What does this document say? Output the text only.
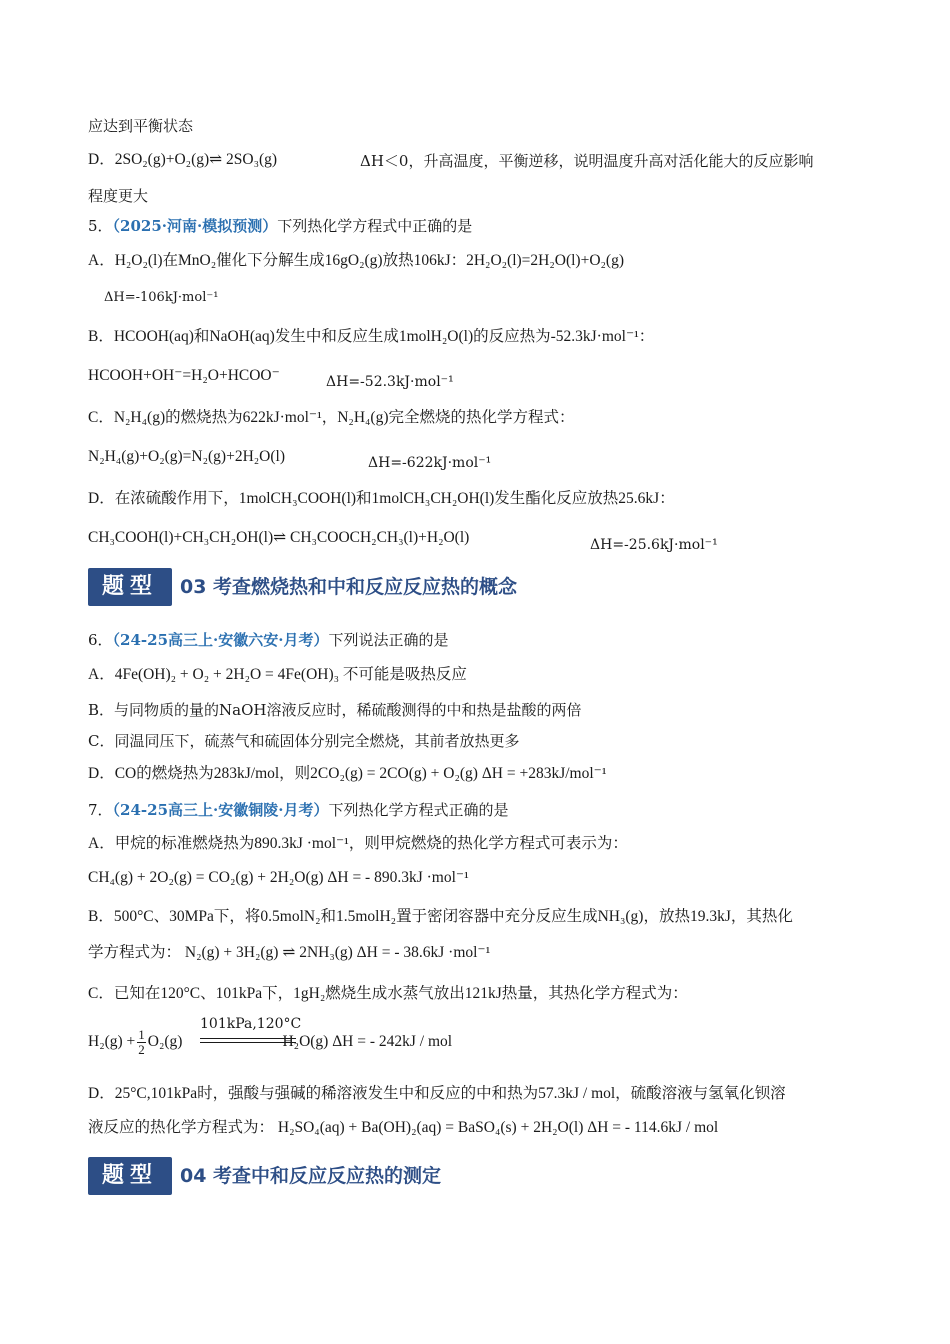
应达到平衡状态
D．2SO₂(g)+O₂(g)⇌ 2SO₃(g)	ΔH＜0，升高温度，平衡逆移，说明温度升高对活化能大的反应影响
程度更大
5．（2025·河南·模拟预测）下列热化学方程式中正确的是
A．H₂O₂(l)在MnO₂催化下分解生成16gO₂(g)放热106kJ：2H₂O₂(l)=2H₂O(l)+O₂(g)
ΔH=-106kJ·mol⁻¹
B．HCOOH(aq)和NaOH(aq)发生中和反应生成1molH₂O(l)的反应热为-52.3kJ·mol⁻¹：
HCOOH+OH⁻=H₂O+HCOO⁻	ΔH=-52.3kJ·mol⁻¹
C．N₂H₄(g)的燃烧热为622kJ·mol⁻¹，N₂H₄(g)完全燃烧的热化学方程式：
N₂H₄(g)+O₂(g)=N₂(g)+2H₂O(l)	ΔH=-622kJ·mol⁻¹
D．在浓硫酸作用下，1molCH₃COOH(l)和1molCH₃CH₂OH(l)发生酯化反应放热25.6kJ：
CH₃COOH(l)+CH₃CH₂OH(l)⇌ CH₃COOCH₂CH₃(l)+H₂O(l)	ΔH=-25.6kJ·mol⁻¹
题型	03 考查燃烧热和中和反应反应热的概念
6．（24-25高三上·安徽六安·月考）下列说法正确的是
A．4Fe(OH)₂ + O₂ + 2H₂O = 4Fe(OH)₃ 不可能是吸热反应
B．与同物质的量的NaOH溶液反应时，稀硫酸测得的中和热是盐酸的两倍
C．同温同压下，硫蒸气和硫固体分别完全燃烧，其前者放热更多
D．CO的燃烧热为283kJ/mol，则2CO₂(g) = 2CO(g) + O₂(g) ΔH = +283kJ/mol⁻¹
7．（24-25高三上·安徽铜陵·月考）下列热化学方程式正确的是
A．甲烷的标准燃烧热为890.3kJ ·mol⁻¹，则甲烷燃烧的热化学方程式可表示为：
CH₄(g) + 2O₂(g) = CO₂(g) + 2H₂O(g) ΔH = - 890.3kJ ·mol⁻¹
B．500°C、30MPa下，将0.5molN₂和1.5molH₂置于密闭容器中充分反应生成NH₃(g)，放热19.3kJ，其热化
学方程式为： N₂(g) + 3H₂(g) ⇌ 2NH₃(g) ΔH = - 38.6kJ ·mol⁻¹
C．已知在120°C、101kPa下，1gH₂燃烧生成水蒸气放出121kJ热量，其热化学方程式为：
$H_2(g) + \frac{1}{2} O_2(g)$	H₂O(g) ΔH = - 242kJ / mol
101kPa,120°C
D．25°C,101kPa时，强酸与强碱的稀溶液发生中和反应的中和热为57.3kJ / mol，硫酸溶液与氢氧化钡溶
液反应的热化学方程式为： H₂SO₄(aq) + Ba(OH)₂(aq) = BaSO₄(s) + 2H₂O(l) ΔH = - 114.6kJ / mol
题型	04 考查中和反应反应热的测定
